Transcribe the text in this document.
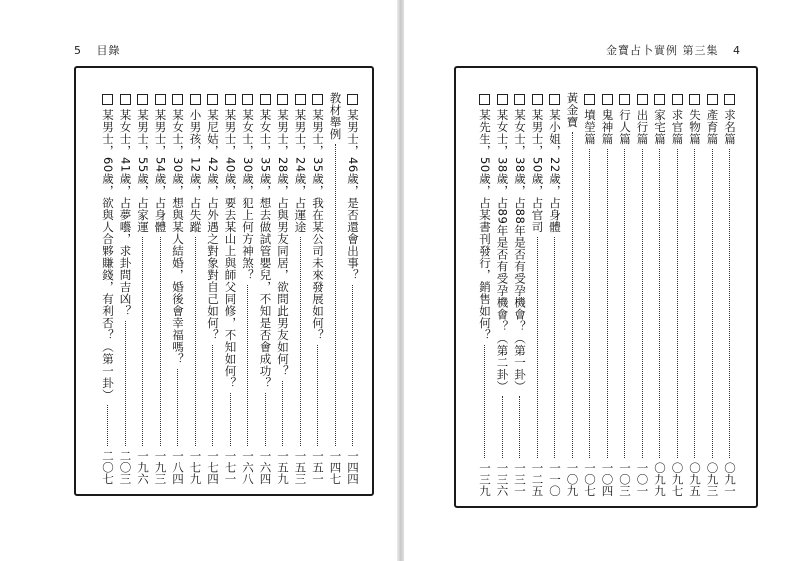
5 目錄
某男士，46歲，是否還會出事？
一四四
教材舉例
一四七
某男士，35歲，我在某公司未來發展如何？
一五一
某男士，24歲，占運途
一五三
某男士，28歲，占與男友同居，欲問此男友如何？
一五九
某女士，35歲，想去做試管嬰兒，不知是否會成功？
一六四
某女士，30歲，犯上何方神煞？
一六八
某男士，40歲，要去某山上與師父同修，不知如何？
一七一
某尼姑，42歲，占外遇之對象對自己如何？
一七四
小男孩，12歲，占失蹤
一七九
某女士，30歲，想與某人結婚，婚後會幸福嗎？
一八四
某男士，54歲，占身體
一九三
某男士，55歲，占家運
一九六
某女士，41歲，占夢囈，求卦問吉凶？
二〇三
某男士，60歲，欲與人合夥賺錢，有利否？（第一卦）
二〇七
金寶占卜實例 第三集 4
求名篇
〇九一
產育篇
〇九三
失物篇
〇九五
求官篇
〇九七
家宅篇
〇九九
出行篇
一〇一
行人篇
一〇三
鬼神篇
一〇四
墳塋篇
一〇七
黃金寶
一〇九
某小姐，22歲，占身體
一一〇
某男士，50歲，占官司
一二五
某女士，38歲，占88年是否有受孕機會？（第一卦）
一三一
某女士，38歲，占89年是否有受孕機會？（第二卦）
一三六
某先生，50歲，占某書刊發行，銷售如何？
一三九
